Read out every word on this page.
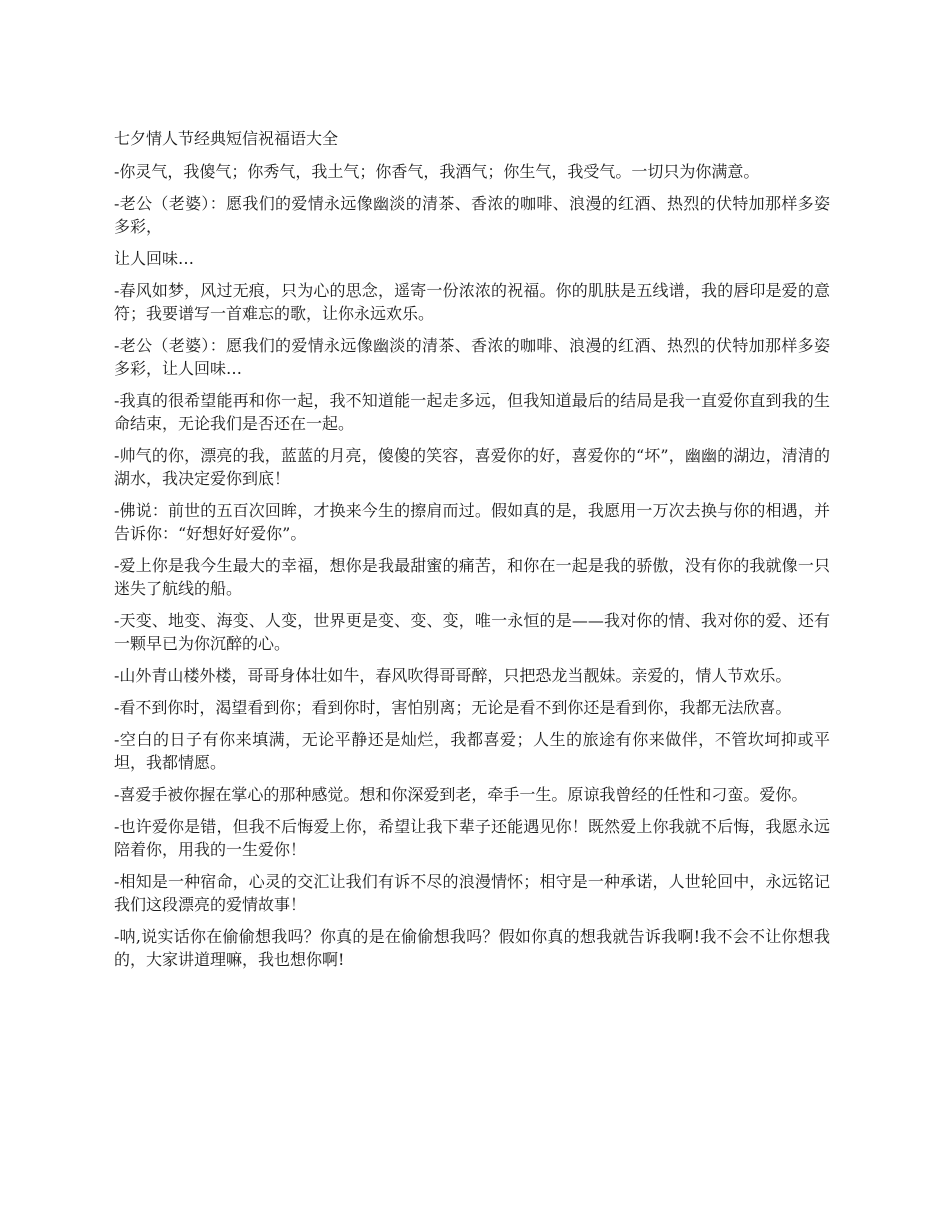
七夕情人节经典短信祝福语大全

-你灵气，我傻气；你秀气，我土气；你香气，我酒气；你生气，我受气。一切只为你满意。

-老公（老婆）：愿我们的爱情永远像幽淡的清茶、香浓的咖啡、浪漫的红酒、热烈的伏特加那样多姿多彩，

让人回味…

-春风如梦，风过无痕，只为心的思念，遥寄一份浓浓的祝福。你的肌肤是五线谱，我的唇印是爱的意符；我要谱写一首难忘的歌，让你永远欢乐。

-老公（老婆）：愿我们的爱情永远像幽淡的清茶、香浓的咖啡、浪漫的红酒、热烈的伏特加那样多姿多彩，让人回味…

-我真的很希望能再和你一起，我不知道能一起走多远，但我知道最后的结局是我一直爱你直到我的生命结束，无论我们是否还在一起。

-帅气的你，漂亮的我，蓝蓝的月亮，傻傻的笑容，喜爱你的好，喜爱你的“坏”，幽幽的湖边，清清的湖水，我决定爱你到底！

-佛说：前世的五百次回眸，才换来今生的擦肩而过。假如真的是，我愿用一万次去换与你的相遇，并告诉你：“好想好好爱你”。

-爱上你是我今生最大的幸福，想你是我最甜蜜的痛苦，和你在一起是我的骄傲，没有你的我就像一只迷失了航线的船。

-天变、地变、海变、人变，世界更是变、变、变，唯一永恒的是——我对你的情、我对你的爱、还有一颗早已为你沉醉的心。

-山外青山楼外楼，哥哥身体壮如牛，春风吹得哥哥醉，只把恐龙当靓妹。亲爱的，情人节欢乐。

-看不到你时，渴望看到你；看到你时，害怕别离；无论是看不到你还是看到你，我都无法欣喜。

-空白的日子有你来填满，无论平静还是灿烂，我都喜爱；人生的旅途有你来做伴，不管坎坷抑或平坦，我都情愿。

-喜爱手被你握在掌心的那种感觉。想和你深爱到老，牵手一生。原谅我曾经的任性和刁蛮。爱你。

-也许爱你是错，但我不后悔爱上你，希望让我下辈子还能遇见你！既然爱上你我就不后悔，我愿永远陪着你，用我的一生爱你！

-相知是一种宿命，心灵的交汇让我们有诉不尽的浪漫情怀；相守是一种承诺，人世轮回中，永远铭记我们这段漂亮的爱情故事！

-呐,说实话你在偷偷想我吗？你真的是在偷偷想我吗？假如你真的想我就告诉我啊!我不会不让你想我的，大家讲道理嘛，我也想你啊!
